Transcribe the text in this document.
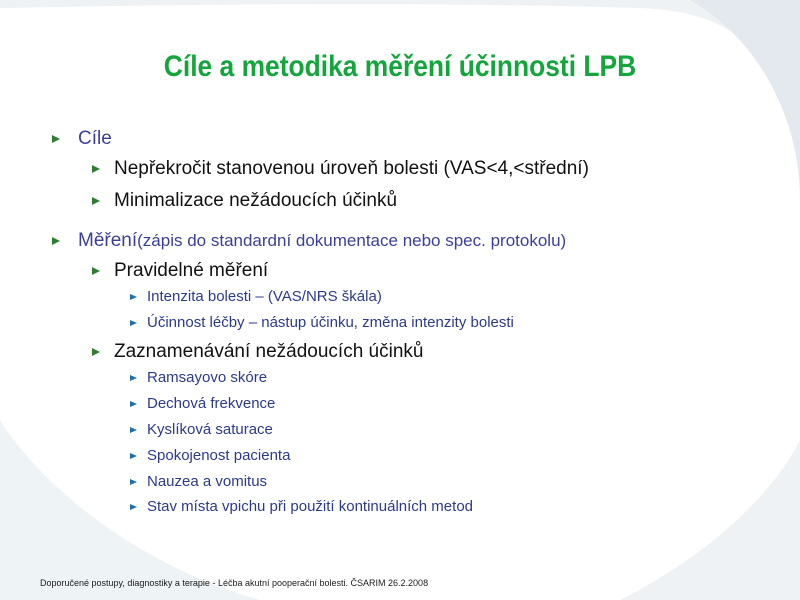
Cíle a metodika měření účinnosti LPB
Cíle
Nepřekročit stanovenou úroveň bolesti (VAS<4,<střední)
Minimalizace nežádoucích účinků
Měření (zápis do standardní dokumentace nebo spec. protokolu)
Pravidelné měření
Intenzita bolesti – (VAS/NRS škála)
Účinnost léčby – nástup účinku, změna intenzity bolesti
Zaznamenávání nežádoucích účinků
Ramsayovo skóre
Dechová frekvence
Kyslíková saturace
Spokojenost pacienta
Nauzea a vomitus
Stav místa vpichu při použití kontinuálních metod
Doporučené postupy, diagnostiky a terapie - Léčba akutní pooperační bolesti. ČSARIM 26.2.2008
